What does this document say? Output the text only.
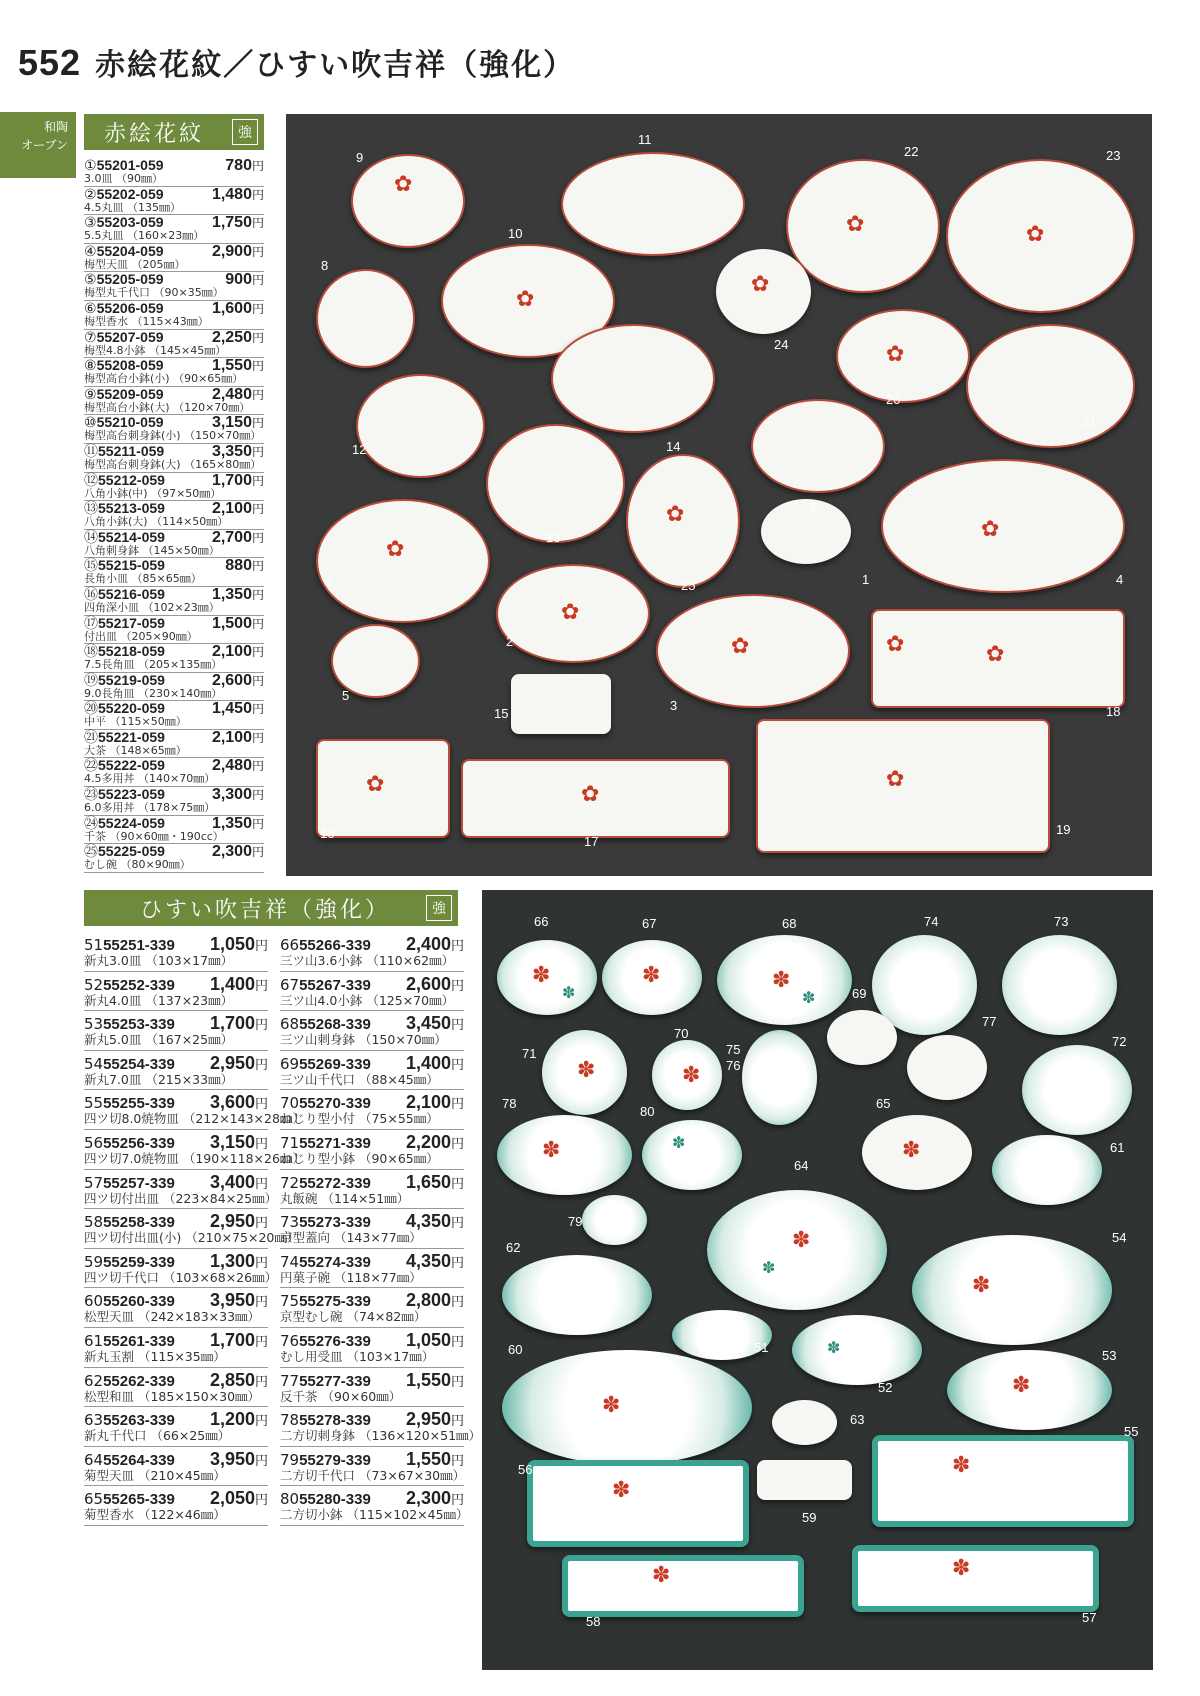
552 赤絵花紋／ひすい吹吉祥（強化）
和陶
オーブン 赤絵花紋	強
① 55201-059	780 円
3.0皿 （90㎜）
② 55202-059	1,480 円
4.5丸皿 （135㎜）
③ 55203-059	1,750 円
5.5丸皿 （160×23㎜）
④ 55204-059	2,900 円
梅型天皿 （205㎜）
⑤ 55205-059	900 円
梅型丸千代口 （90×35㎜）
⑥ 55206-059	1,600 円
梅型香水 （115×43㎜）
⑦ 55207-059	2,250 円
梅型4.8小鉢 （145×45㎜）
⑧ 55208-059	1,550 円
梅型高台小鉢(小) （90×65㎜）
⑨ 55209-059	2,480 円
梅型高台小鉢(大) （120×70㎜）
⑩ 55210-059	3,150 円
梅型高台刺身鉢(小) （150×70㎜）
⑪ 55211-059	3,350 円
梅型高台刺身鉢(大) （165×80㎜）
⑫ 55212-059	1,700 円
八角小鉢(中) （97×50㎜）
⑬ 55213-059	2,100 円
八角小鉢(大) （114×50㎜）
⑭ 55214-059	2,700 円
八角刺身鉢 （145×50㎜）
⑮ 55215-059	880 円
長角小皿 （85×65㎜）
⑯ 55216-059	1,350 円
四角深小皿 （102×23㎜）
⑰ 55217-059	1,500 円
付出皿 （205×90㎜）
⑱ 55218-059	2,100 円
7.5長角皿 （205×135㎜）
⑲ 55219-059	2,600 円
9.0長角皿 （230×140㎜）
⑳ 55220-059	1,450 円
中平 （115×50㎜）
㉑ 55221-059	2,100 円
大茶 （148×65㎜）
㉒ 55222-059	2,480 円
4.5多用丼 （140×70㎜）
㉓ 55223-059	3,300 円
6.0多用丼 （178×75㎜）
㉔ 55224-059	1,350 円
千茶 （90×60㎜・190cc）
㉕ 55225-059	2,300 円
むし碗 （80×90㎜）
✿
✿	✿
✿
✿
✿
✿
✿
✿
✿
✿
✿	✿
✿
✿	✿
9
11
22	23
10
8
24
20
21
12	14
6
13
7	25	1	4
2
3
15	18
5
16
17
19
ひすい吹吉祥（強化）	強
51 55251-339 1,050 円
新丸3.0皿 （103×17㎜）
52 55252-339 1,400 円
新丸4.0皿 （137×23㎜）
53 55253-339 1,700 円
新丸5.0皿 （167×25㎜）
54 55254-339 2,950 円
新丸7.0皿 （215×33㎜）
55 55255-339 3,600 円
四ツ切8.0焼物皿 （212×143×28㎜）
56 55256-339 3,150 円
四ツ切7.0焼物皿 （190×118×26㎜）
57 55257-339 3,400 円
四ツ切付出皿 （223×84×25㎜）
58 55258-339 2,950 円
四ツ切付出皿(小) （210×75×20㎜）
59 55259-339 1,300 円
四ツ切千代口 （103×68×26㎜）
60 55260-339 3,950 円
松型天皿 （242×183×33㎜）
61 55261-339 1,700 円
新丸玉割 （115×35㎜）
62 55262-339 2,850 円
松型和皿 （185×150×30㎜）
63 55263-339 1,200 円
新丸千代口 （66×25㎜）
64 55264-339 3,950 円
菊型天皿 （210×45㎜）
65 55265-339 2,050 円
菊型香水 （122×46㎜）
66 55266-339 2,400 円
三ツ山3.6小鉢 （110×62㎜）
67 55267-339 2,600 円
三ツ山4.0小鉢 （125×70㎜）
68 55268-339 3,450 円
三ツ山刺身鉢 （150×70㎜）
69 55269-339 1,400 円
三ツ山千代口 （88×45㎜）
70 55270-339 2,100 円
ねじり型小付 （75×55㎜）
71 55271-339 2,200 円
ねじり型小鉢 （90×65㎜）
72 55272-339 1,650 円
丸飯碗 （114×51㎜）
73 55273-339 4,350 円
京型蓋向 （143×77㎜）
74 55274-339 4,350 円
円菓子碗 （118×77㎜）
75 55275-339 2,800 円
京型むし碗 （74×82㎜）
76 55276-339 1,050 円
むし用受皿 （103×17㎜）
77 55277-339 1,550 円
反千茶 （90×60㎜）
78 55278-339 2,950 円
二方切刺身鉢 （136×120×51㎜）
79 55279-339 1,550 円
二方切千代口 （73×67×30㎜）
80 55280-339 2,300 円
二方切小鉢 （115×102×45㎜）
✽
✽
✽	✽
✽
✽	✽
✽	✽	✽
✽
✽
✽
✽
✽
✽
✽
✽
✽	✽
66	67	68	74	73
69
77
71
70
75
76
72
78
80
65
61
64
79
62
54
51
60
52
53
63
55
56
59
58	57
